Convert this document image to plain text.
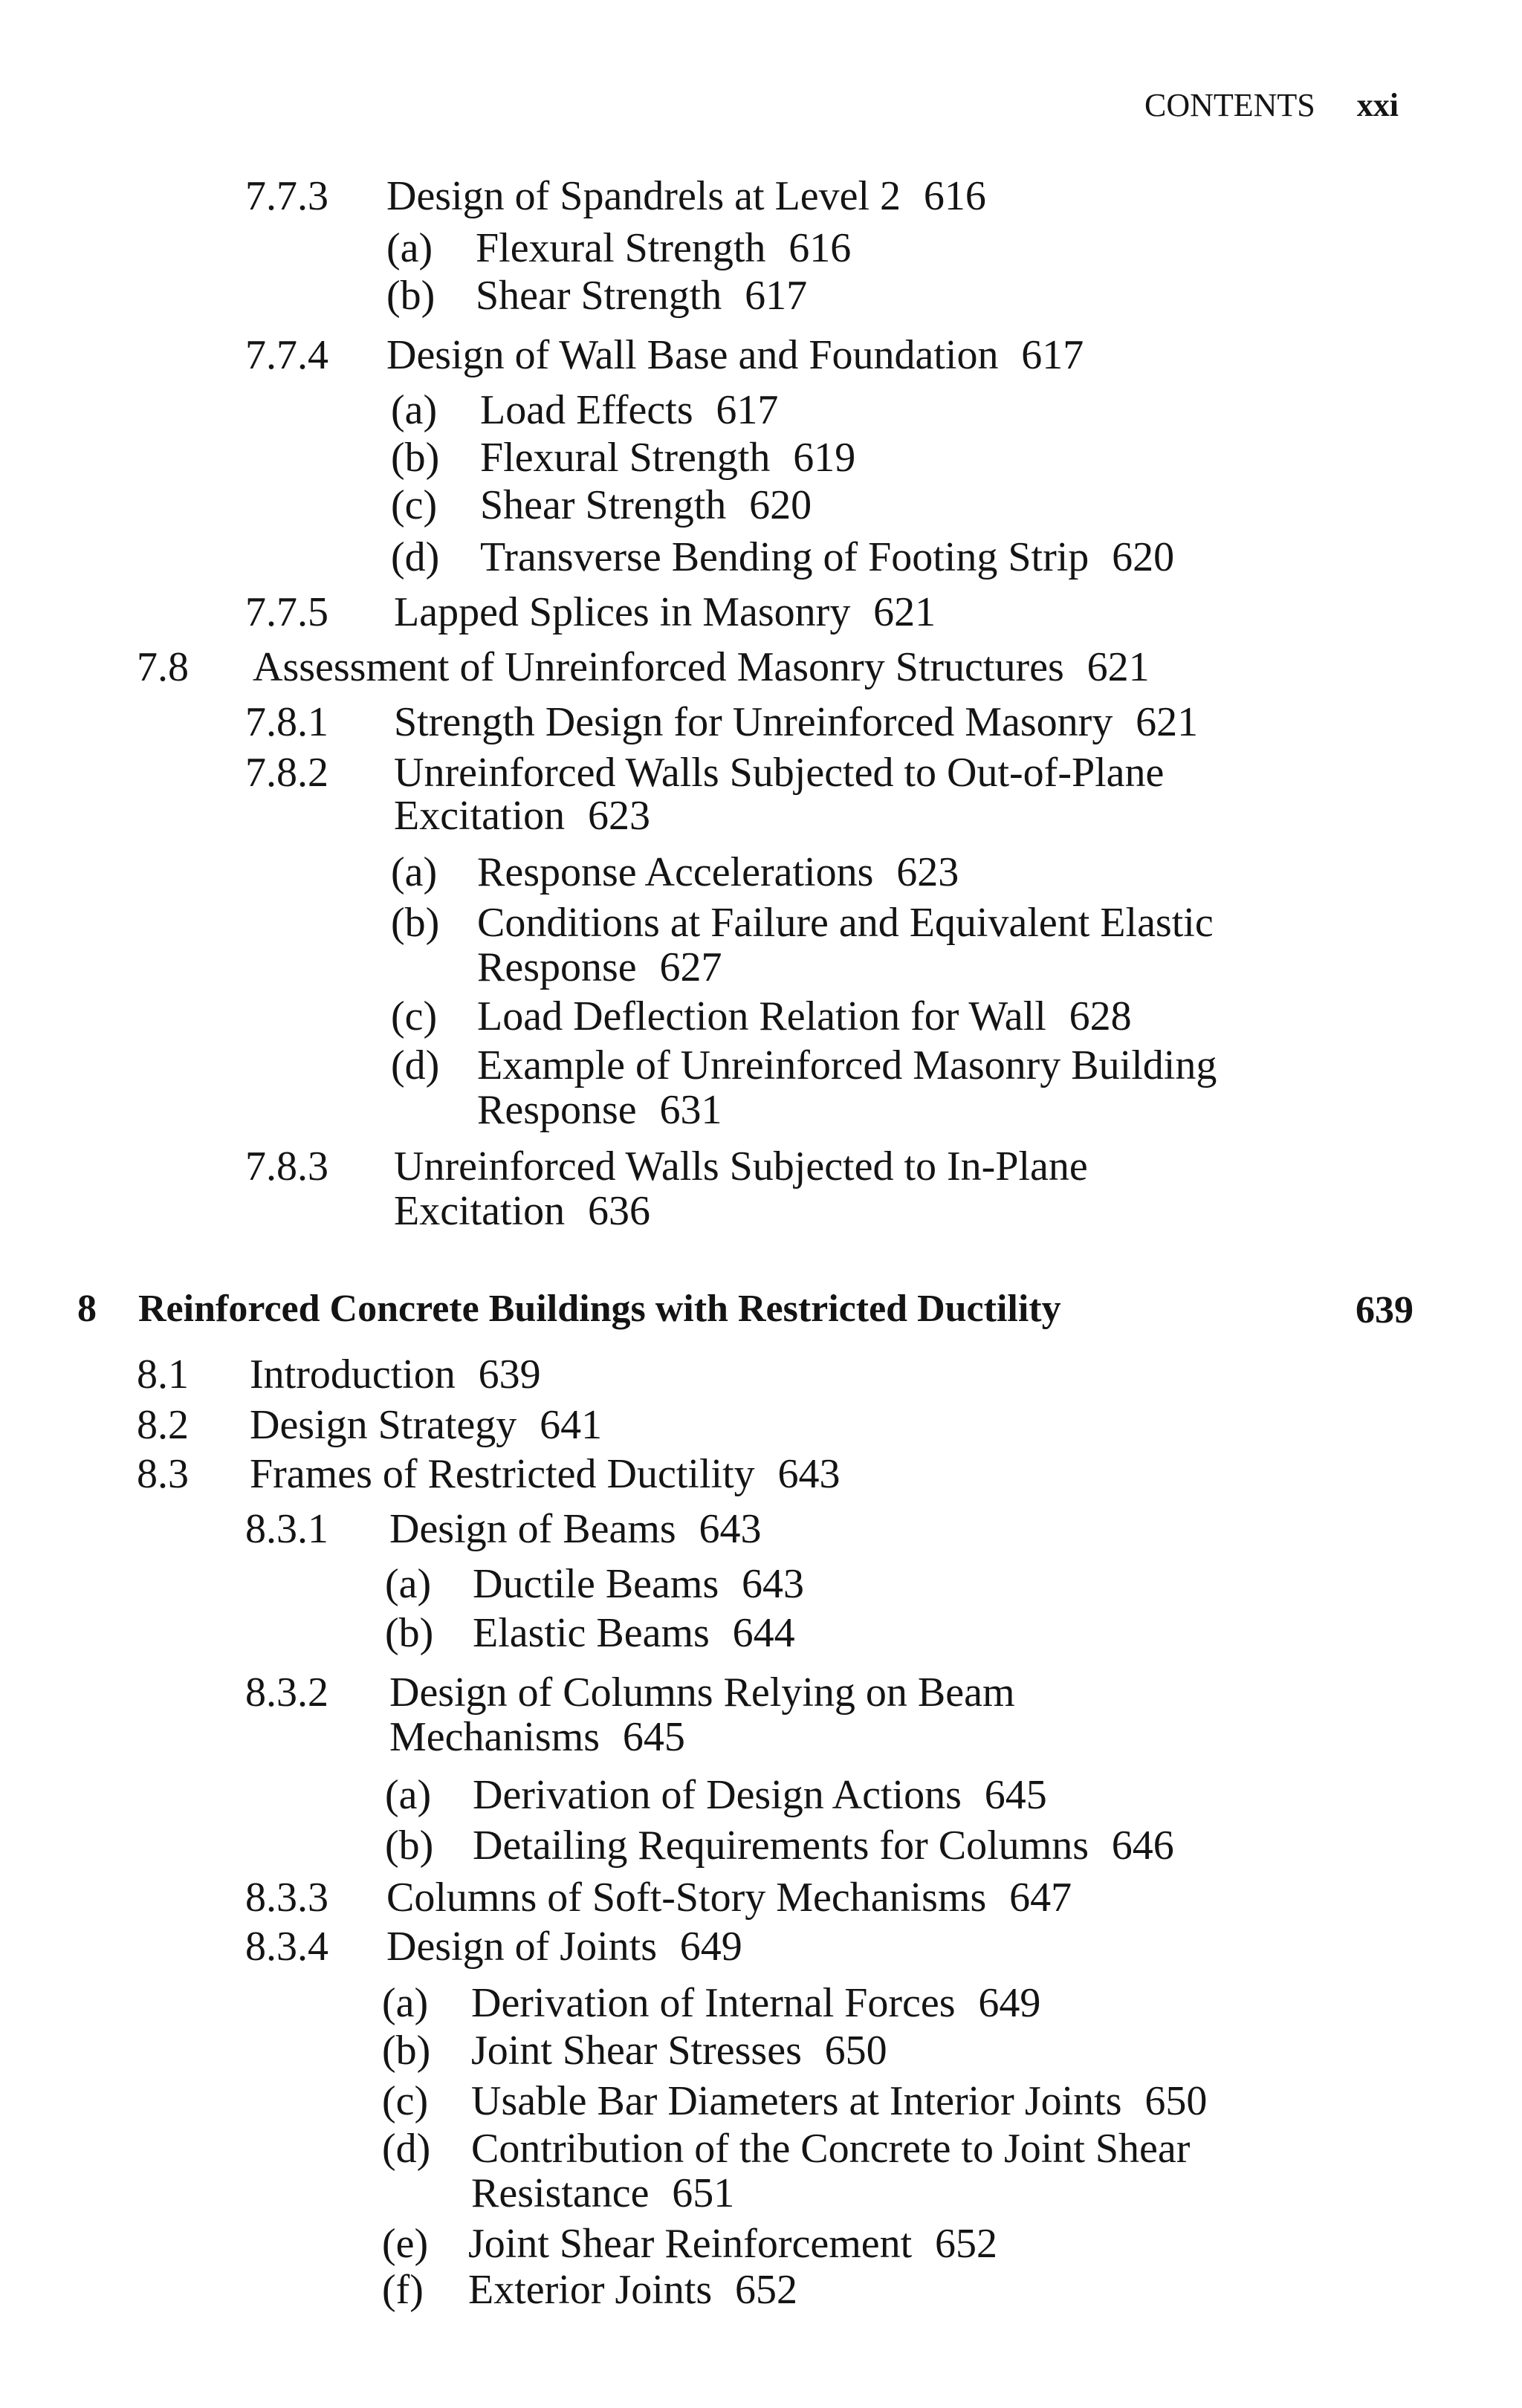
CONTENTS xxi
7.7.3 Design of Spandrels at Level 2 616
(a) Flexural Strength 616
(b) Shear Strength 617
7.7.4 Design of Wall Base and Foundation 617
(a) Load Effects 617
(b) Flexural Strength 619
(c) Shear Strength 620
(d) Transverse Bending of Footing Strip 620
7.7.5 Lapped Splices in Masonry 621
7.8 Assessment of Unreinforced Masonry Structures 621
7.8.1 Strength Design for Unreinforced Masonry 621
7.8.2 Unreinforced Walls Subjected to Out-of-Plane
Excitation 623
(a) Response Accelerations 623
(b) Conditions at Failure and Equivalent Elastic
Response 627
(c) Load Deflection Relation for Wall 628
(d) Example of Unreinforced Masonry Building
Response 631
7.8.3 Unreinforced Walls Subjected to In-Plane
Excitation 636
8 Reinforced Concrete Buildings with Restricted Ductility	639
8.1 Introduction 639
8.2 Design Strategy 641
8.3 Frames of Restricted Ductility 643
8.3.1 Design of Beams 643
(a) Ductile Beams 643
(b) Elastic Beams 644
8.3.2 Design of Columns Relying on Beam
Mechanisms 645
(a) Derivation of Design Actions 645
(b) Detailing Requirements for Columns 646
8.3.3 Columns of Soft-Story Mechanisms 647
8.3.4 Design of Joints 649
(a) Derivation of Internal Forces 649
(b) Joint Shear Stresses 650
(c) Usable Bar Diameters at Interior Joints 650
(d) Contribution of the Concrete to Joint Shear
Resistance 651
(e) Joint Shear Reinforcement 652
(f) Exterior Joints 652
